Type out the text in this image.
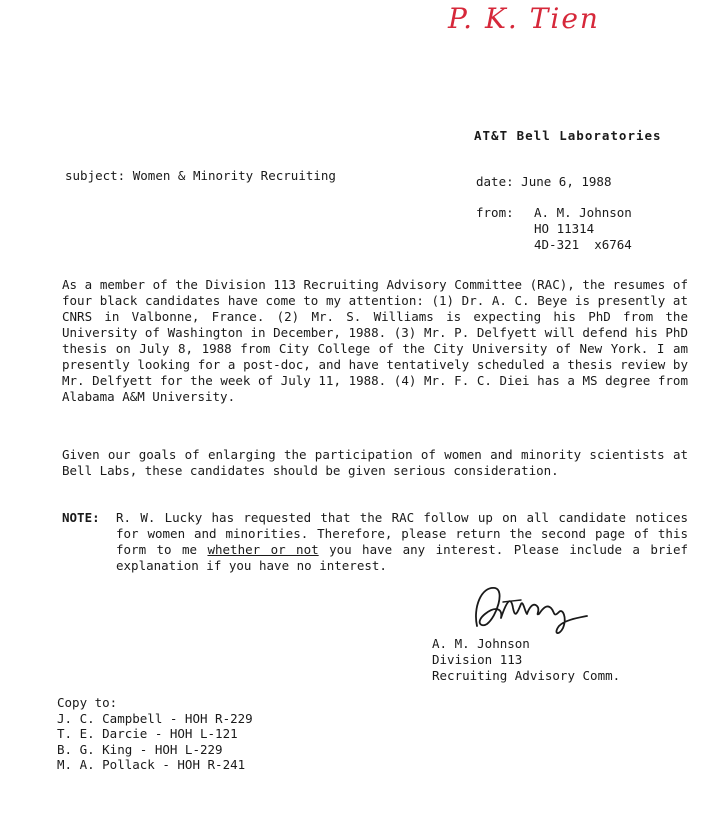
P. K. Tien
AT&T Bell Laboratories
subject: Women & Minority Recruiting	date: June 6, 1988
from: A. M. Johnson
HO 11314
4D-321  x6764

As a member of the Division 113 Recruiting Advisory Committee (RAC), the resumes of four black candidates have come to my attention: (1) Dr. A. C. Beye is presently at CNRS in Valbonne, France. (2) Mr. S. Williams is expecting his PhD from the University of Washington in December, 1988. (3) Mr. P. Delfyett will defend his PhD thesis on July 8, 1988 from City College of the City University of New York. I am presently looking for a post-doc, and have tentatively scheduled a thesis review by Mr. Delfyett for the week of July 11, 1988. (4) Mr. F. C. Diei has a MS degree from Alabama A&M University.

Given our goals of enlarging the participation of women and minority scientists at Bell Labs, these candidates should be given serious consideration.

NOTE: R. W. Lucky has requested that the RAC follow up on all candidate notices for women and minorities. Therefore, please return the second page of this form to me whether or not you have any interest. Please include a brief explanation if you have no interest.

A. M. Johnson
Division 113
Recruiting Advisory Comm.
Copy to:
J. C. Campbell - HOH R-229
T. E. Darcie - HOH L-121
B. G. King - HOH L-229
M. A. Pollack - HOH R-241
